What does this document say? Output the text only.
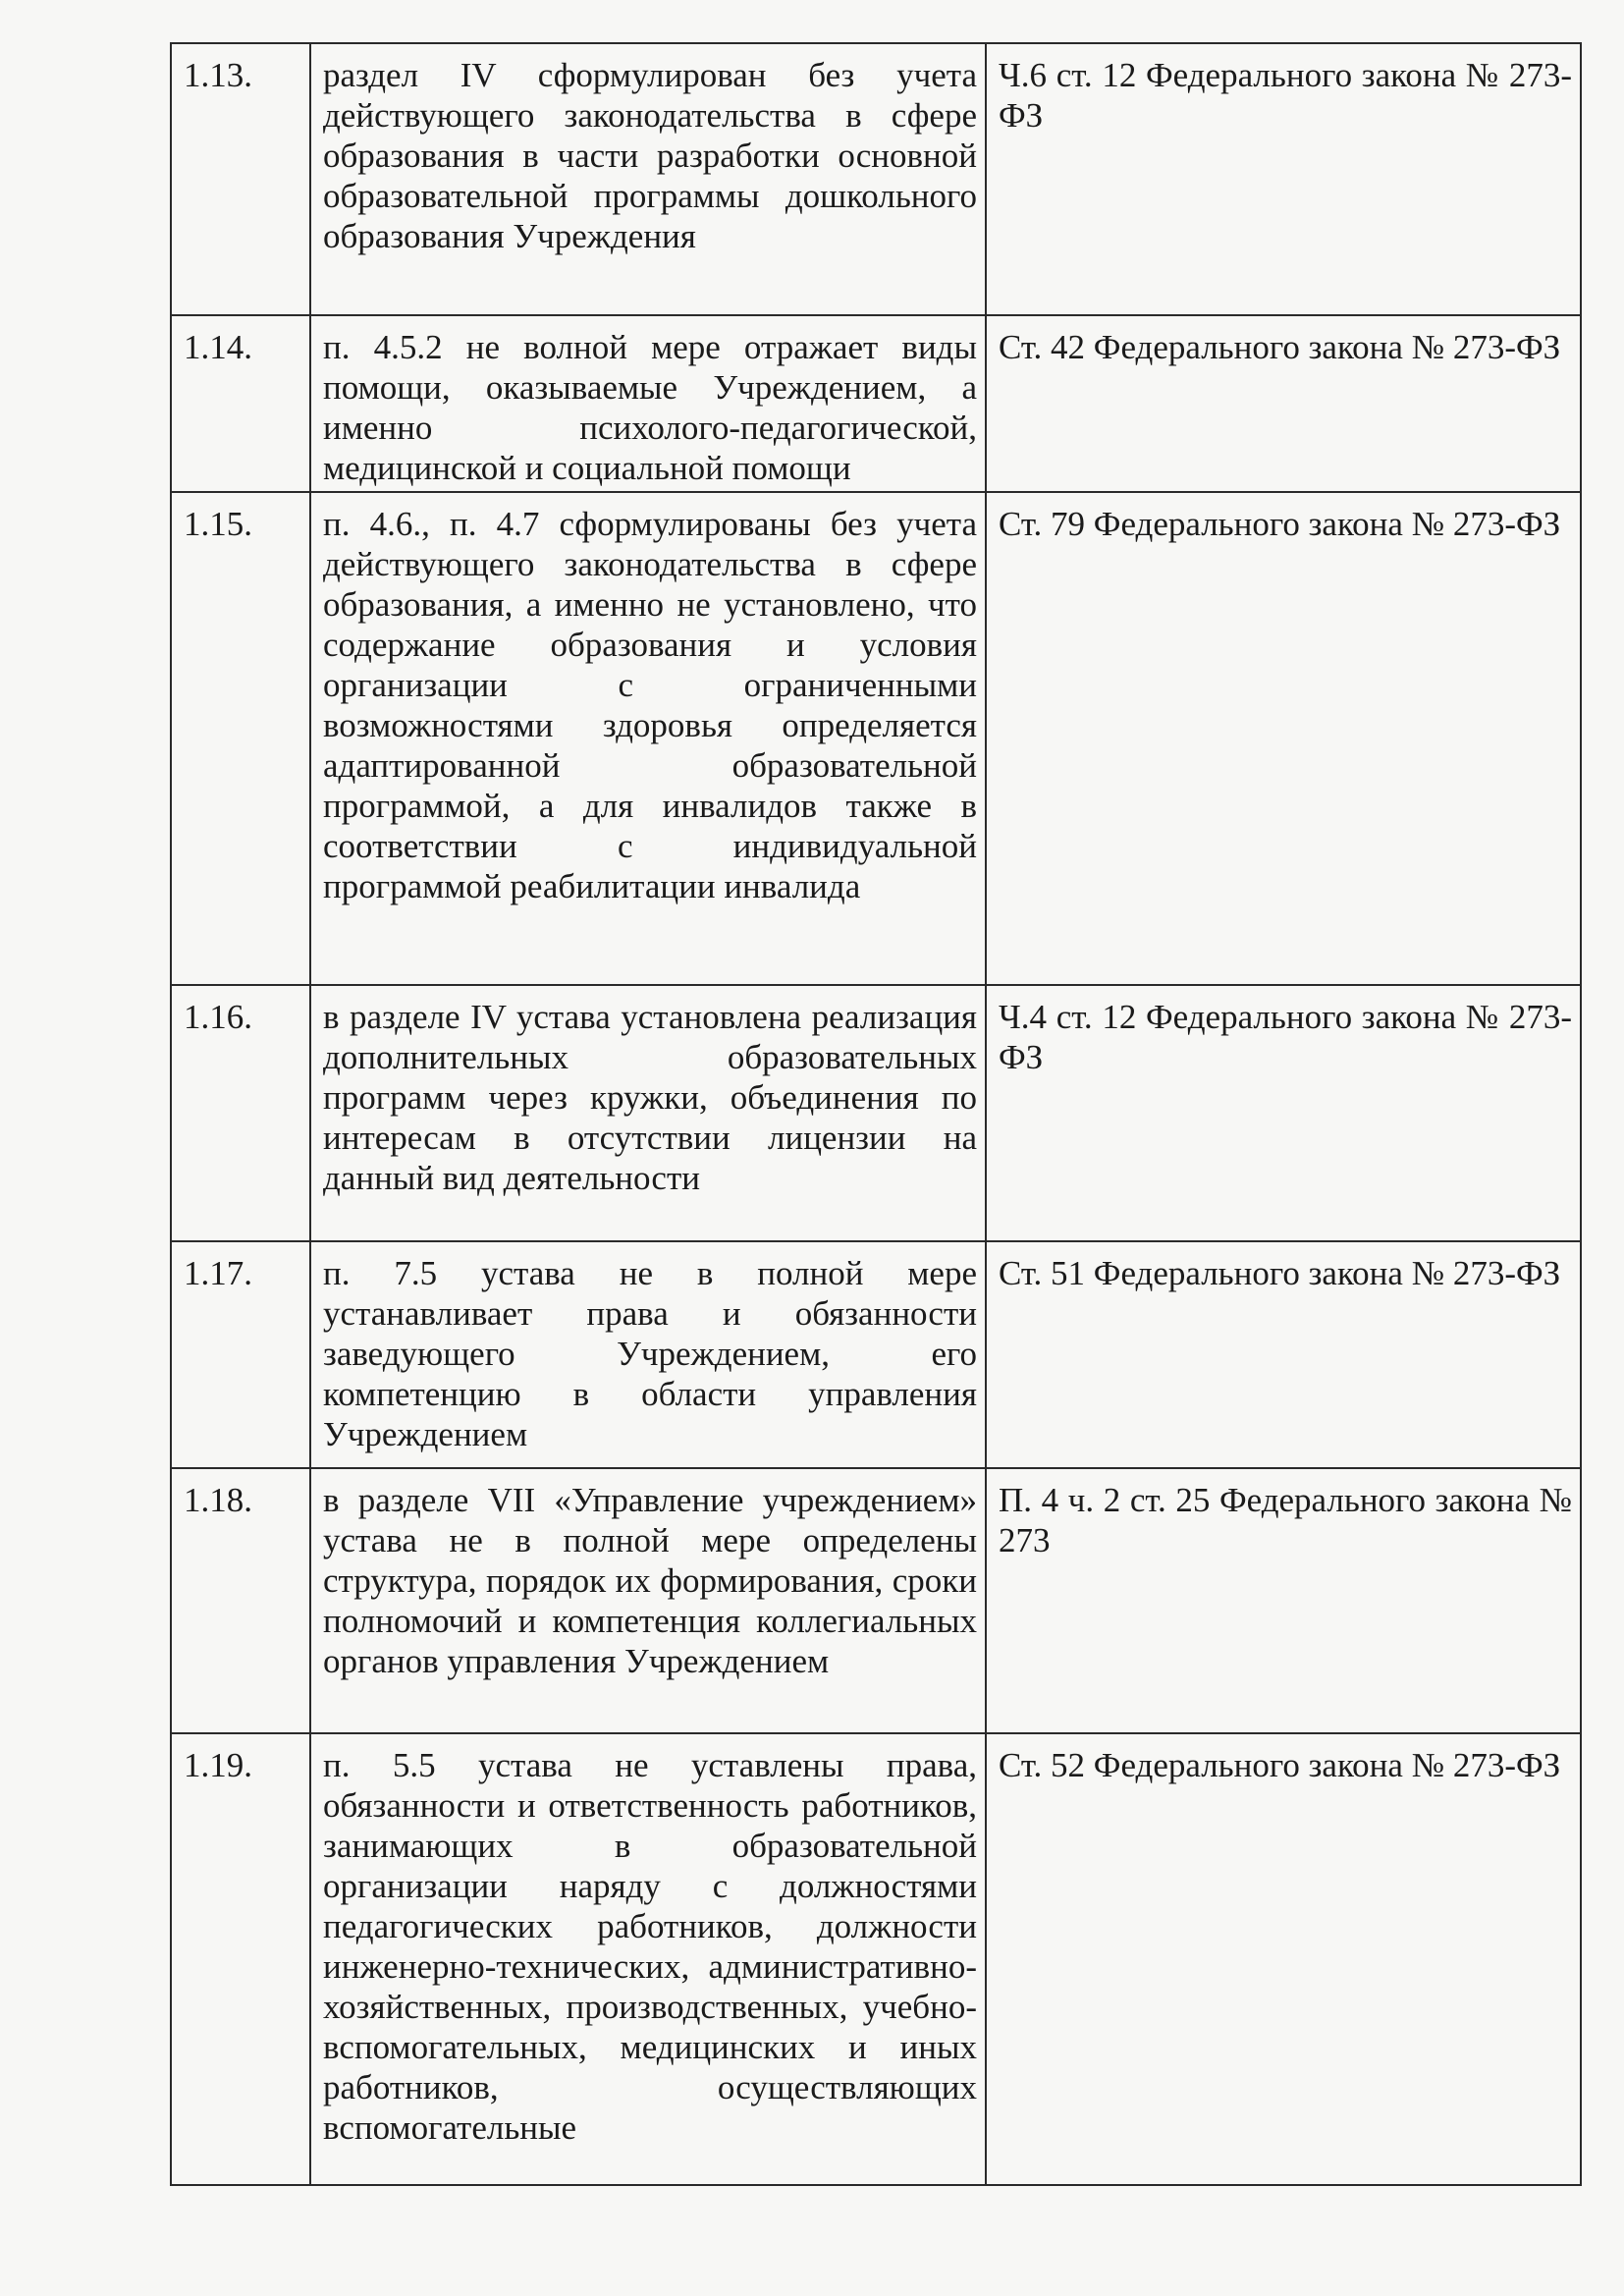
1.13.	раздел IV сформулирован без учета действующего законодательства в сфере образования в части разработки основной образовательной программы дошкольного образования Учреждения	Ч.6 ст. 12 Федерального закона № 273-ФЗ

1.14.	п. 4.5.2 не волной мере отражает виды помощи, оказываемые Учреждением, а именно психолого-педагогической, медицинской и социальной помощи	Ст. 42 Федерального закона № 273-ФЗ

1.15.	п. 4.6., п. 4.7 сформулированы без учета действующего законодательства в сфере образования, а именно не установлено, что содержание образования и условия организации с ограниченными возможностями здоровья определяется адаптированной образовательной программой, а для инвалидов также в соответствии с индивидуальной программой реабилитации инвалида	Ст. 79 Федерального закона № 273-ФЗ

1.16.	в разделе IV устава установлена реализация дополнительных образовательных программ через кружки, объединения по интересам в отсутствии лицензии на данный вид деятельности	Ч.4 ст. 12 Федерального закона № 273-ФЗ

1.17.	п. 7.5 устава не в полной мере устанавливает права и обязанности заведующего Учреждением, его компетенцию в области управления Учреждением	Ст. 51 Федерального закона № 273-ФЗ

1.18.	в разделе VII «Управление учреждением» устава не в полной мере определены структура, порядок их формирования, сроки полномочий и компетенция коллегиальных органов управления Учреждением	П. 4 ч. 2 ст. 25 Федерального закона № 273

1.19.	п. 5.5 устава не уставлены права, обязанности и ответственность работников, занимающих в образовательной организации наряду с должностями педагогических работников, должности инженерно-технических, административно-хозяйственных, производственных, учебно-вспомогательных, медицинских и иных работников, осуществляющих вспомогательные	Ст. 52 Федерального закона № 273-ФЗ
